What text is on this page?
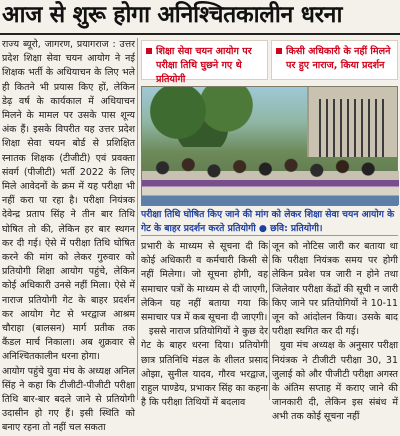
आज से शुरू होगा अनिश्चितकालीन धरना

राज्य ब्यूरो, जागरण, प्रयागराज : उत्तर प्रदेश शिक्षा सेवा चयन आयोग ने नई शिक्षक भर्ती के अधियाचन के लिए भले ही कितने भी प्रयास किए हों, लेकिन डेढ़ वर्ष के कार्यकाल में अधियाचन मिलने के मामल पर उसके पास शून्य अंक हैं। इसके विपरीत यह उत्तर प्रदेश शिक्षा सेवा चयन बोर्ड से प्रशिक्षित स्नातक शिक्षक (टीजीटी) एवं प्रवक्ता संवर्ग (पीजीटी) भर्ती 2022 के लिए मिले आवेदनों के क्रम में यह परीक्षा भी नहीं करा पा रहा है। परीक्षा नियंत्रक देवेन्द्र प्रताप सिंह ने तीन बार तिथि घोषित तो की, लेकिन हर बार स्थगन कर दी गई। ऐसे में परीक्षा तिथि घोषित करने की मांग को लेकर गुरुवार को प्रतियोगी शिक्षा आयोग पहुंचे, लेकिन कोई अधिकारी उनसे नहीं मिला। ऐसे में नाराज प्रतियोगी गेट के बाहर प्रदर्शन कर आयोग गेट से भरद्वाज आश्रम चौराहा (बालसन) मार्ग प्रतीक तक कैंडल मार्च निकाला। अब शुक्रवार से अनिश्चितकालीन धरना होगा।

आयोग पहुंचे युवा मंच के अध्यक्ष अनिल सिंह ने कहा कि टीजीटी-पीजीटी परीक्षा तिथि बार-बार बदले जाने से प्रतियोगी उदासीन हो गए हैं। इसी स्थिति को बनाए रहना तो नहीं चल सकता

शिक्षा सेवा चयन आयोग पर परीक्षा तिथि घुछने गए थे प्रतियोगी
किसी अधिकारी के नहीं मिलने पर हुए नाराज, किया प्रदर्शन
परीक्षा तिथि घोषित किए जाने की मांग को लेकर शिक्षा सेवा चयन आयोग के गेट के बाहर प्रदर्शन करते प्रतियोगी ● छवि: प्रतियोगी।

प्रभारी के माध्यम से सूचना दी कि कोई अधिकारी व कर्मचारी किसी से नहीं मिलेगा। जो सूचना होगी, वह समाचार पत्रों के माध्यम से दी जाएगी, लेकिन यह नहीं बताया गया कि समाचार पत्र में कब सूचना दी जाएगी।

इससे नाराज प्रतियोगियों ने कुछ देर गेट के बाहर धरना दिया। प्रतियोगी छात्र प्रतिनिधि मंडल के शीलत प्रसाद ओझा, सुनील यादव, गौरव भरद्वाज, राहुल पाण्डेय, प्रभाकर सिंह का कहना है कि परीक्षा तिथियों में बदलाव

जून को नोटिस जारी कर बताया था कि परीक्षा नियंत्रक समय पर होगी लेकिन प्रवेश पत्र जारी न होने तथा जिलेवार परीक्षा केंद्रों की सूची न जारी किए जाने पर प्रतियोगियों ने 10-11 जून को आंदोलन किया। उसके बाद परीक्षा स्थगित कर दी गई।

युवा मंच अध्यक्ष के अनुसार परीक्षा नियंत्रक ने टीजीटी परीक्षा 30, 31 जुलाई को और पीजीटी परीक्षा अगस्त के अंतिम सप्ताह में कराए जाने की जानकारी दी, लेकिन इस संबंध में अभी तक कोई सूचना नहीं
